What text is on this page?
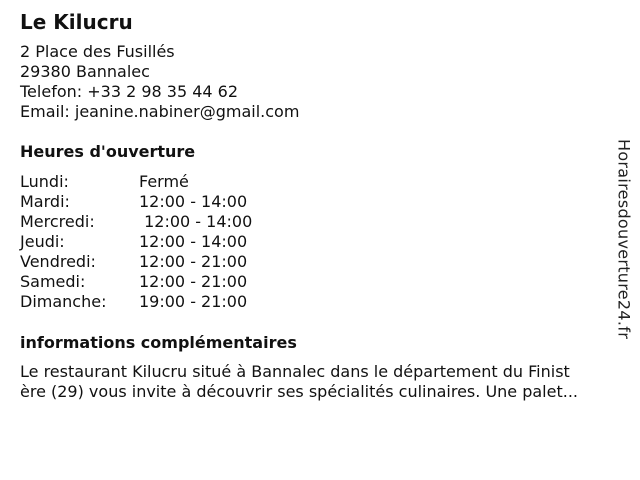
Le Kilucru
2 Place des Fusillés
29380 Bannalec
Telefon: +33 2 98 35 44 62
Email: jeanine.nabiner@gmail.com
Heures d'ouverture
Lundi:	Fermé
Mardi:	12:00 - 14:00
Mercredi:	12:00 - 14:00
Jeudi:	12:00 - 14:00
Vendredi:	12:00 - 21:00
Samedi:	12:00 - 21:00
Dimanche:	19:00 - 21:00
informations complémentaires
Le restaurant Kilucru situé à Bannalec dans le département du Finist
ère (29) vous invite à découvrir ses spécialités culinaires. Une palet...
Horairesdouverture24.fr
